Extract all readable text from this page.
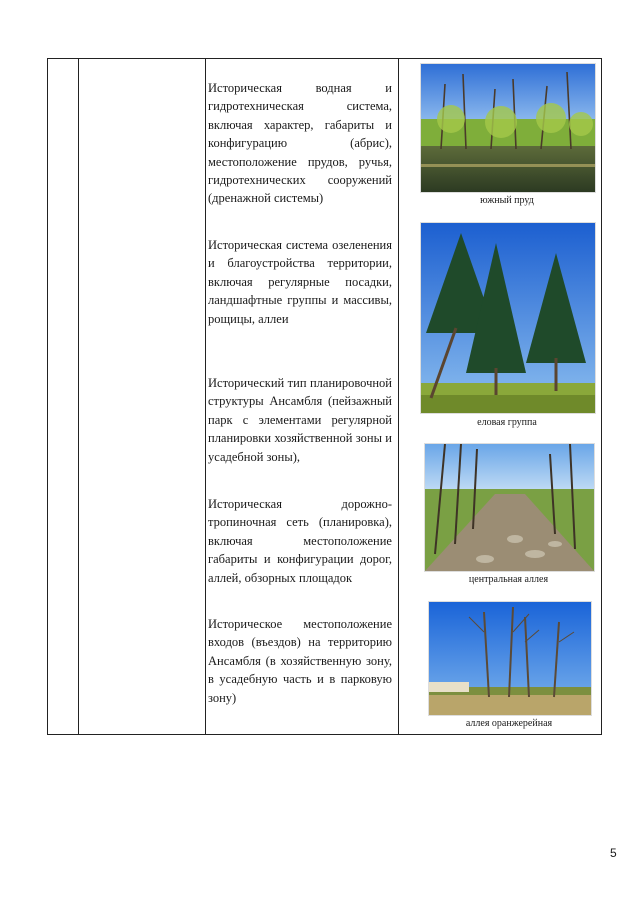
Историческая водная и гидротехническая система, включая характер, габариты и конфигурацию (абрис), местоположение прудов, ручья, гидротехнических сооружений (дренажной системы)

Историческая система озеленения и благоустройства территории, включая регулярные посадки, ландшафтные группы и массивы, рощицы, аллеи

Исторический тип планировочной структуры Ансамбля (пейзажный парк с элементами регулярной планировки хозяйственной зоны и усадебной зоны),

Историческая дорожно-тропиночная сеть (планировка), включая местоположение габариты и конфигурации дорог, аллей, обзорных площадок

Историческое местоположение входов (въездов) на территорию Ансамбля (в хозяйственную зону, в усадебную часть и в парковую зону)

южный пруд
еловая группа
центральная аллея
аллея оранжерейная
5
